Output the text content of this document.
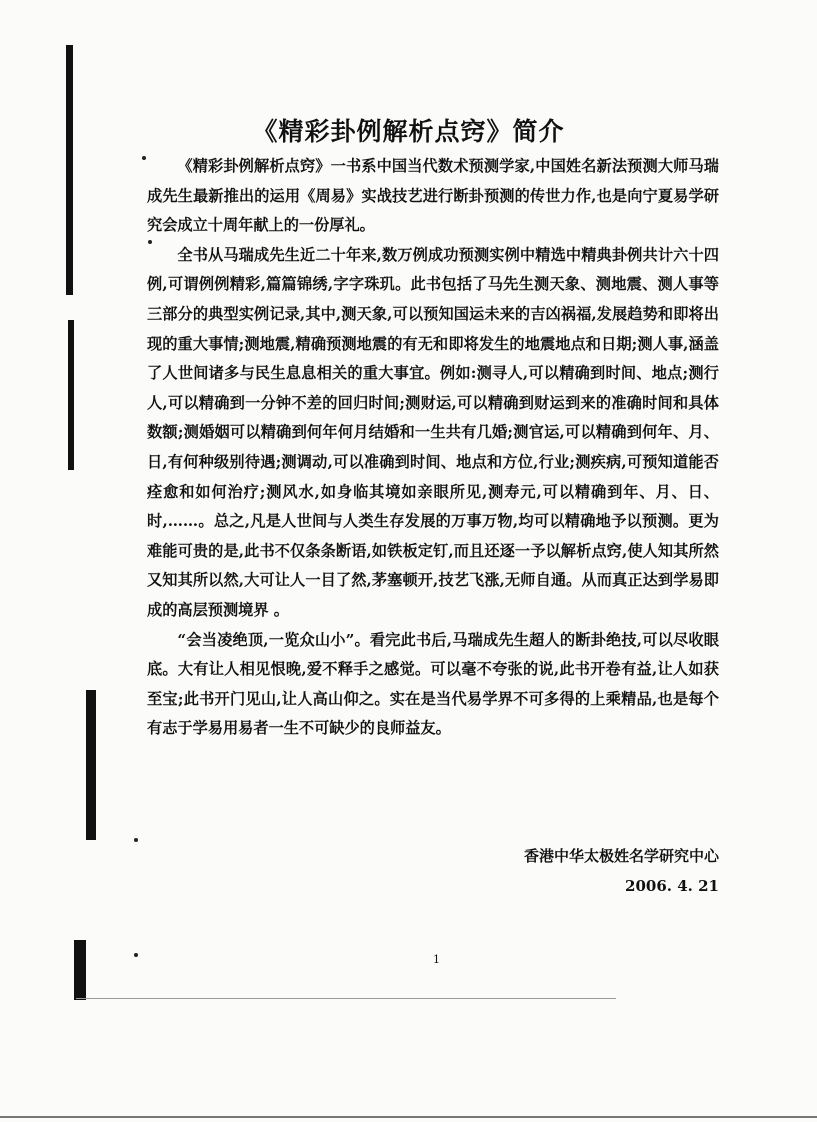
《精彩卦例解析点窍》简介

《精彩卦例解析点窍》一书系中国当代数术预测学家,中国姓名新法预测大师马瑞成先生最新推出的运用《周易》实战技艺进行断卦预测的传世力作,也是向宁夏易学研究会成立十周年献上的一份厚礼。

全书从马瑞成先生近二十年来,数万例成功预测实例中精选中精典卦例共计六十四例,可谓例例精彩,篇篇锦绣,字字珠玑。此书包括了马先生测天象、测地震、测人事等三部分的典型实例记录,其中,测天象,可以预知国运未来的吉凶祸福,发展趋势和即将出现的重大事情;测地震,精确预测地震的有无和即将发生的地震地点和日期;测人事,涵盖了人世间诸多与民生息息相关的重大事宜。例如:测寻人,可以精确到时间、地点;测行人,可以精确到一分钟不差的回归时间;测财运,可以精确到财运到来的准确时间和具体数额;测婚姻可以精确到何年何月结婚和一生共有几婚;测官运,可以精确到何年、月、日,有何种级别待遇;测调动,可以准确到时间、地点和方位,行业;测疾病,可预知道能否痊愈和如何治疗;测风水,如身临其境如亲眼所见,测寿元,可以精确到年、月、日、时,……。总之,凡是人世间与人类生存发展的万事万物,均可以精确地予以预测。更为难能可贵的是,此书不仅条条断语,如铁板定钉,而且还逐一予以解析点窍,使人知其所然又知其所以然,大可让人一目了然,茅塞顿开,技艺飞涨,无师自通。从而真正达到学易即成的高层预测境界 。

“会当凌绝顶,一览众山小”。看完此书后,马瑞成先生超人的断卦绝技,可以尽收眼底。大有让人相见恨晚,爱不释手之感觉。可以毫不夸张的说,此书开卷有益,让人如获至宝;此书开门见山,让人高山仰之。实在是当代易学界不可多得的上乘精品,也是每个有志于学易用易者一生不可缺少的良师益友。

香港中华太极姓名学研究中心
2006. 4. 21
1
